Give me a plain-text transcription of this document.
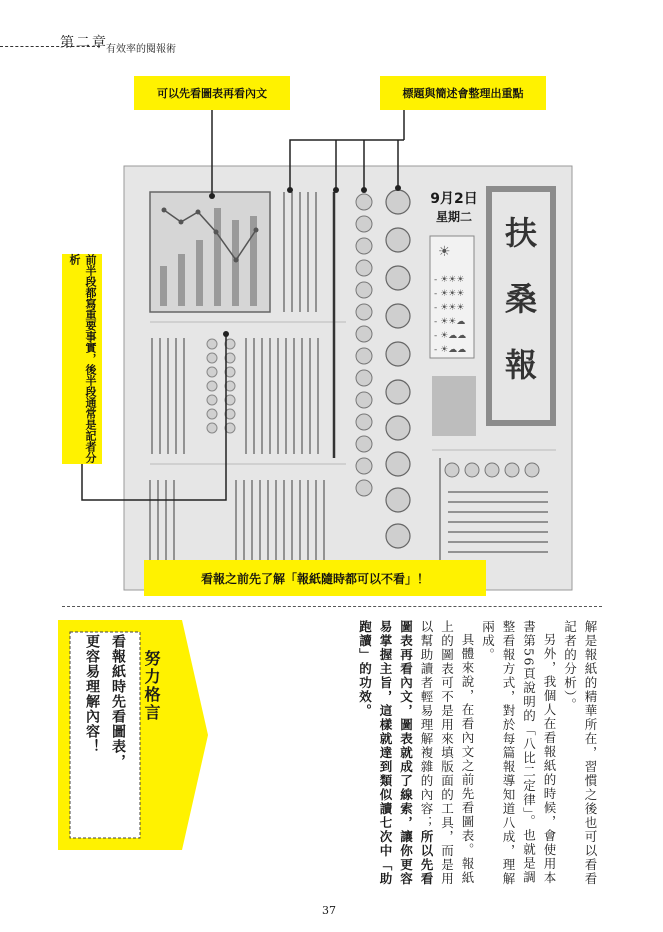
第二章
有效率的閱報術
☀
- ☀☀☀
- ☀☀☀
- ☀☀☀
- ☀☀☁
- ☀☁☁
- ☀☁☁
9月2日
星期二	扶
桑
報
可以先看圖表再看內文	標題與簡述會整理出重點
前半段都寫重要事實，後半段通常是記者分析
看報之前先了解「報紙隨時都可以不看」！
努力格言
看報紙時先看圖表，
更容易理解內容！	解是報紙的精華所在，習慣之後也可以看看記者的分析）。

另外，我個人在看報紙的時候，會使用本書第56頁說明的「八比二定律」。也就是調整看報方式，對於每篇報導知道八成，理解兩成。

具體來說，在看內文之前先看圖表。報紙上的圖表可不是用來填版面的工具，而是用以幫助讀者輕易理解複雜的內容；所以先看圖表再看內文，圖表就成了線索，讓你更容易掌握主旨，這樣就達到類似讀七次中「助跑讀」的功效。

37
